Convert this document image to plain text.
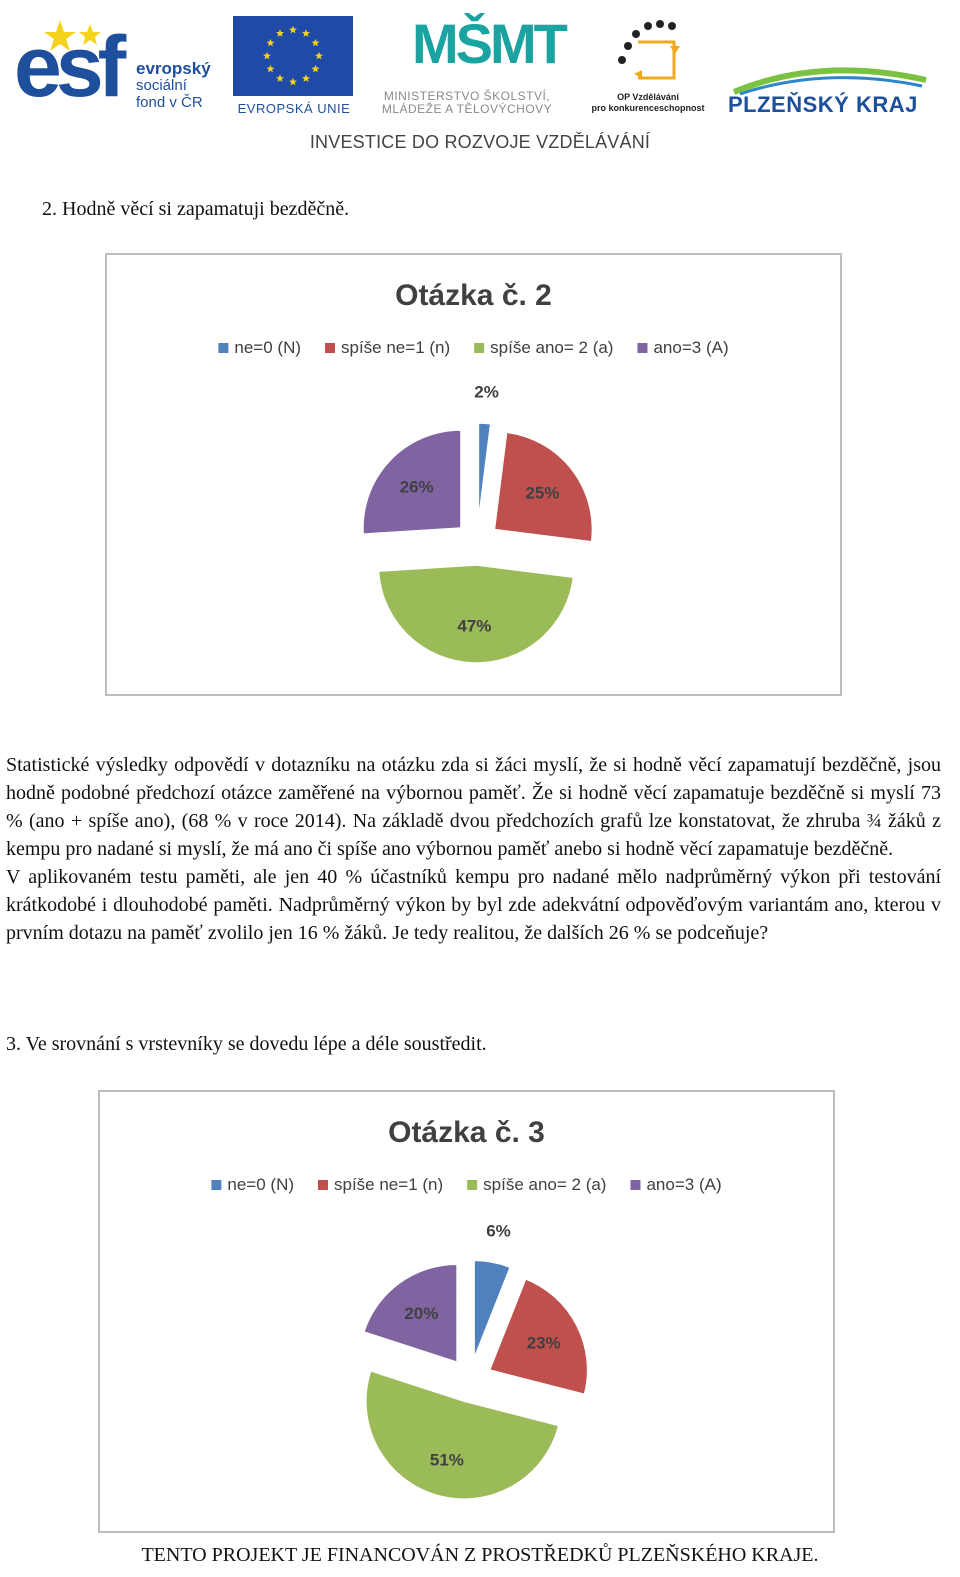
esf evropský
sociální
fond v ČR	EVROPSKÁ UNIE
MŠMT
MINISTERSTVO ŠKOLSTVÍ,
MLÁDEŽE A TĚLOVÝCHOVY
OP Vzdělávání
pro konkurenceschopnost	PLZEŇSKÝ KRAJ
INVESTICE DO ROZVOJE VZDĚLÁVÁNÍ
2. Hodně věcí si zapamatuji bezděčně.
Otázka č. 2
ne=0 (N) spíše ne=1 (n) spíše ano= 2 (a) ano=3 (A)
2%
25%
47%
26%

Statistické výsledky odpovědí v dotazníku na otázku zda si žáci myslí, že si hodně věcí zapamatují bezděčně, jsou hodně podobné předchozí otázce zaměřené na výbornou paměť. Že si hodně věcí zapamatuje bezděčně si myslí 73 % (ano + spíše ano), (68 % v roce 2014). Na základě dvou předchozích grafů lze konstatovat, že zhruba ¾ žáků z kempu pro nadané si myslí, že má ano či spíše ano výbornou paměť anebo si hodně věcí zapamatuje bezděčně.

V aplikovaném testu paměti, ale jen 40 % účastníků kempu pro nadané mělo nadprůměrný výkon při testování krátkodobé i dlouhodobé paměti. Nadprůměrný výkon by byl zde adekvátní odpověďovým variantám ano, kterou v prvním dotazu na paměť zvolilo jen 16 % žáků. Je tedy realitou, že dalších 26 % se podceňuje?

3. Ve srovnání s vrstevníky se dovedu lépe a déle soustředit.
Otázka č. 3
ne=0 (N) spíše ne=1 (n) spíše ano= 2 (a) ano=3 (A)
6%
23%
51%
20%
TENTO PROJEKT JE FINANCOVÁN Z PROSTŘEDKŮ PLZEŇSKÉHO KRAJE.
